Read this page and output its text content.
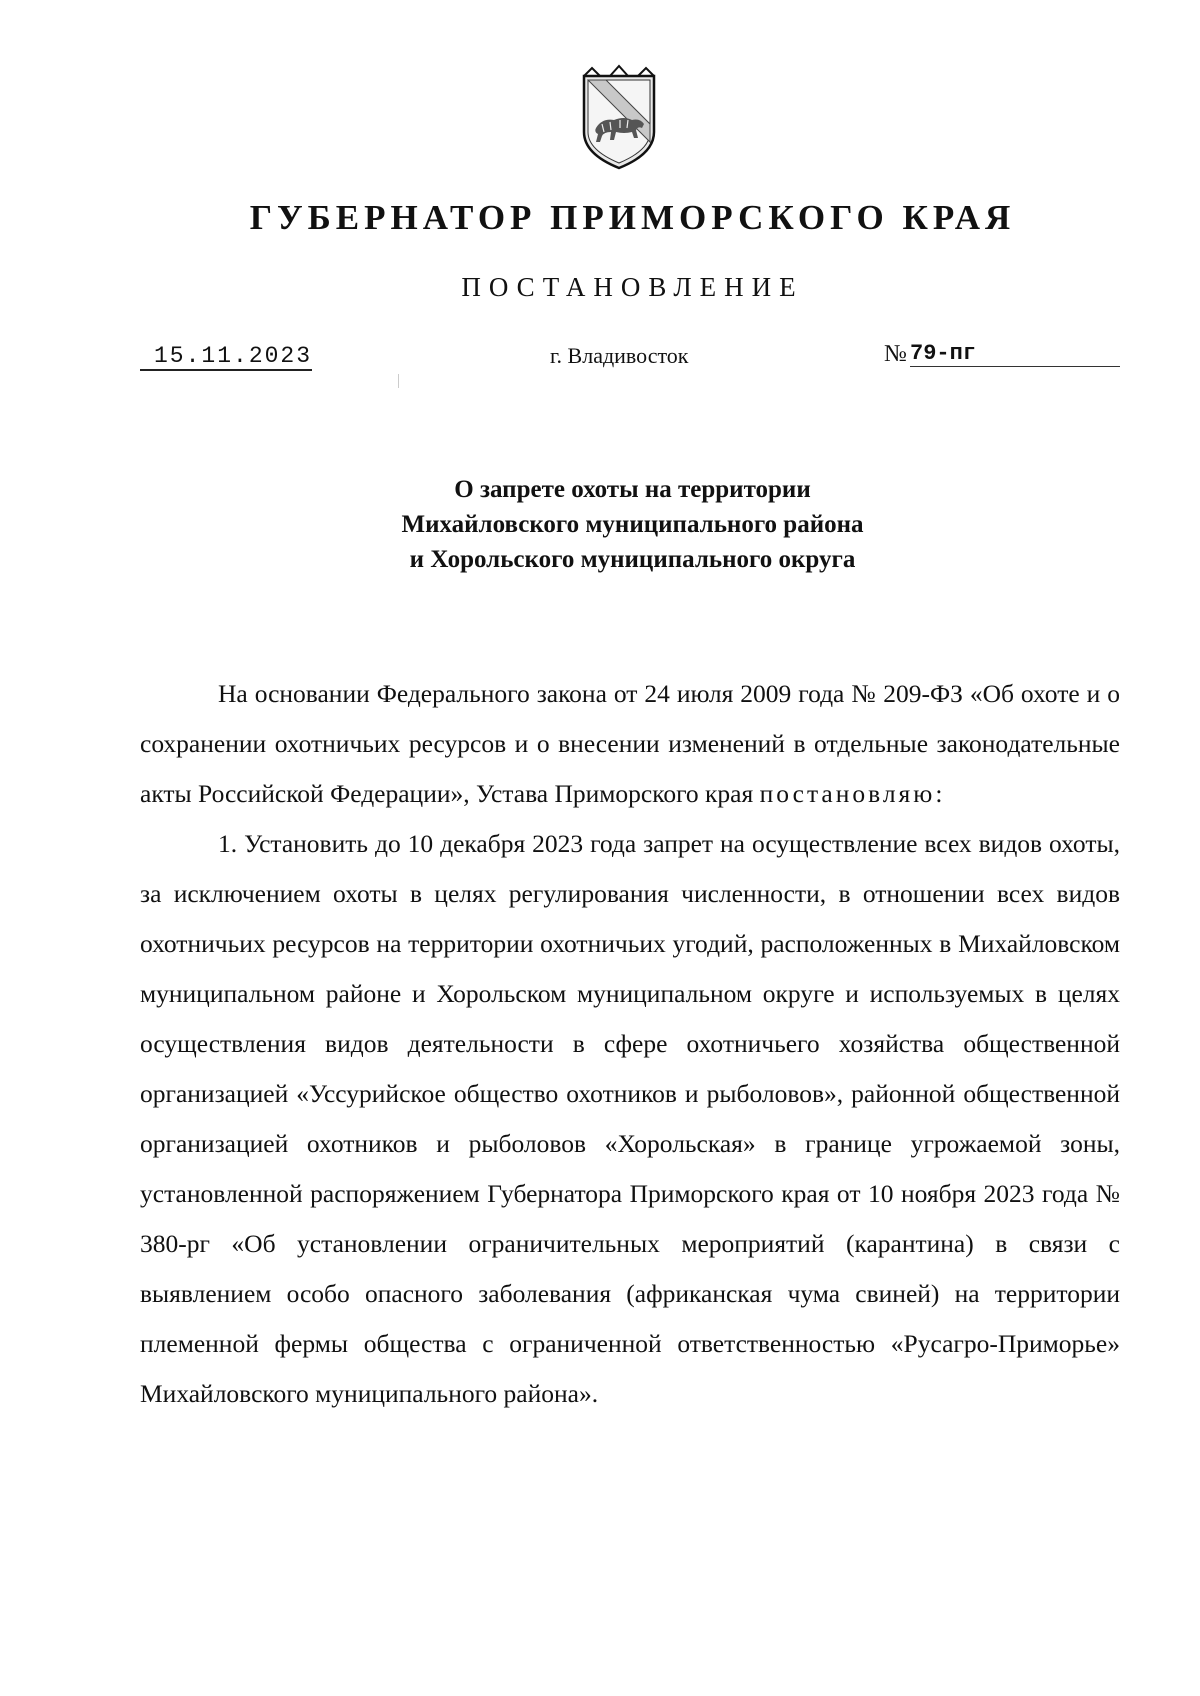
ГУБЕРНАТОР ПРИМОРСКОГО КРАЯ
ПОСТАНОВЛЕНИЕ
15.11.2023	г. Владивосток	№ 79-пг
О запрете охоты на территории
Михайловского муниципального района
и Хорольского муниципального округа

На основании Федерального закона от 24 июля 2009 года № 209-ФЗ «Об охоте и о сохранении охотничьих ресурсов и о внесении изменений в отдельные законодательные акты Российской Федерации», Устава Приморского края постановляю:

1. Установить до 10 декабря 2023 года запрет на осуществление всех видов охоты, за исключением охоты в целях регулирования численности, в отношении всех видов охотничьих ресурсов на территории охотничьих угодий, расположенных в Михайловском муниципальном районе и Хорольском муниципальном округе и используемых в целях осуществления видов деятельности в сфере охотничьего хозяйства общественной организацией «Уссурийское общество охотников и рыболовов», районной общественной организацией охотников и рыболовов «Хорольская» в границе угрожаемой зоны, установленной распоряжением Губернатора Приморского края от 10 ноября 2023 года № 380-рг «Об установлении ограничительных мероприятий (карантина) в связи с выявлением особо опасного заболевания (африканская чума свиней) на территории племенной фермы общества с ограниченной ответственностью «Русагро-Приморье» Михайловского муниципального района».
